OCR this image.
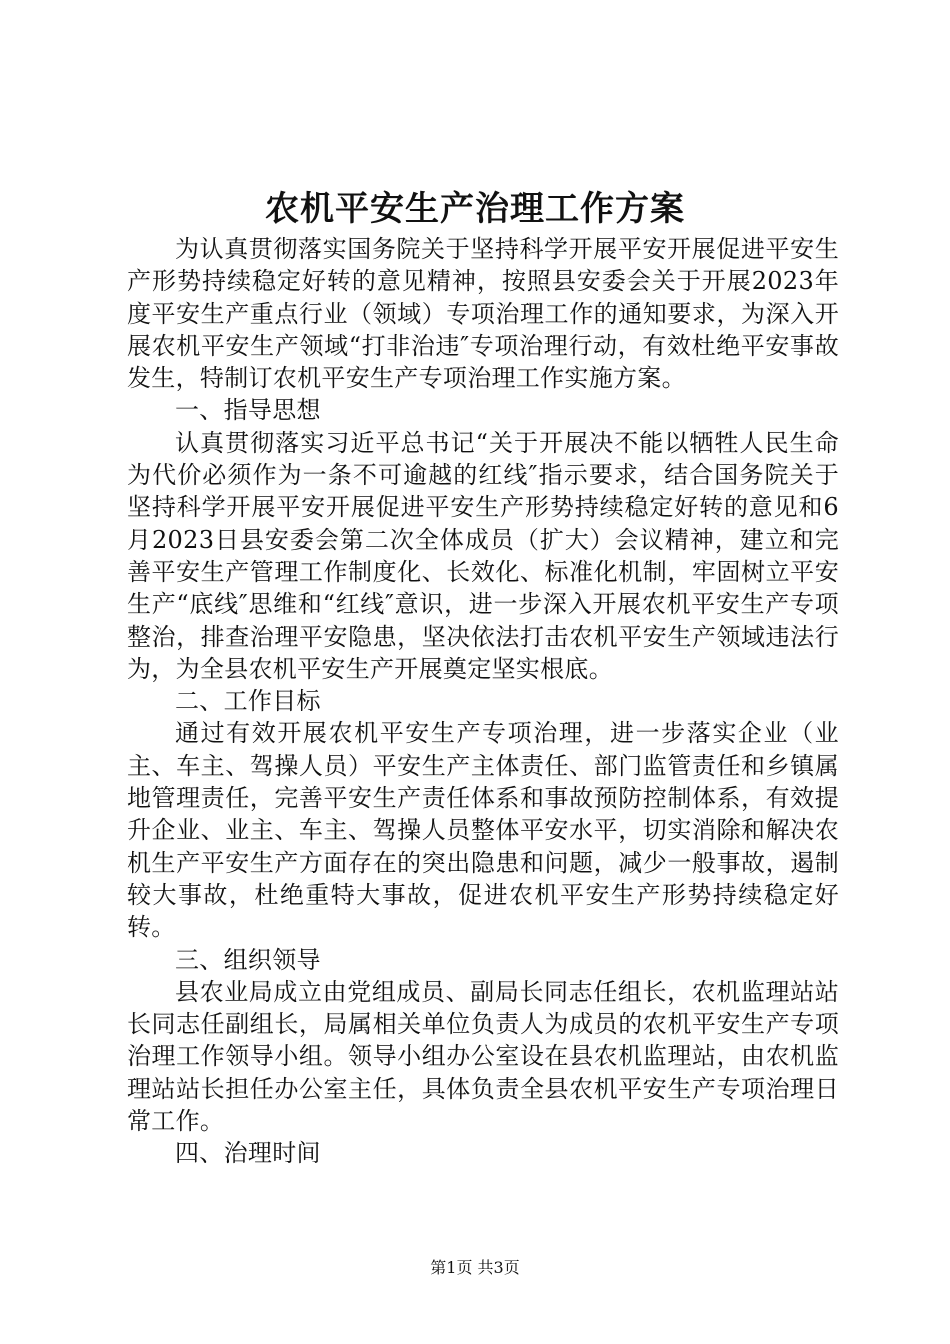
农机平安生产治理工作方案

为认真贯彻落实国务院关于坚持科学开展平安开展促进平安生产形势持续稳定好转的意见精神，按照县安委会关于开展2023年度平安生产重点行业（领域）专项治理工作的通知要求，为深入开展农机平安生产领域“打非治违″专项治理行动，有效杜绝平安事故发生，特制订农机平安生产专项治理工作实施方案。

一、指导思想

认真贯彻落实习近平总书记“关于开展决不能以牺牲人民生命为代价必须作为一条不可逾越的红线″指示要求，结合国务院关于坚持科学开展平安开展促进平安生产形势持续稳定好转的意见和6月2023日县安委会第二次全体成员（扩大）会议精神，建立和完善平安生产管理工作制度化、长效化、标准化机制，牢固树立平安生产“底线″思维和“红线″意识，进一步深入开展农机平安生产专项整治，排查治理平安隐患，坚决依法打击农机平安生产领域违法行为，为全县农机平安生产开展奠定坚实根底。

二、工作目标

通过有效开展农机平安生产专项治理，进一步落实企业（业主、车主、驾操人员）平安生产主体责任、部门监管责任和乡镇属地管理责任，完善平安生产责任体系和事故预防控制体系，有效提升企业、业主、车主、驾操人员整体平安水平，切实消除和解决农机生产平安生产方面存在的突出隐患和问题，减少一般事故，遏制较大事故，杜绝重特大事故，促进农机平安生产形势持续稳定好转。

三、组织领导

县农业局成立由党组成员、副局长同志任组长，农机监理站站长同志任副组长，局属相关单位负责人为成员的农机平安生产专项治理工作领导小组。领导小组办公室设在县农机监理站，由农机监理站站长担任办公室主任，具体负责全县农机平安生产专项治理日常工作。

四、治理时间

第1页 共3页
